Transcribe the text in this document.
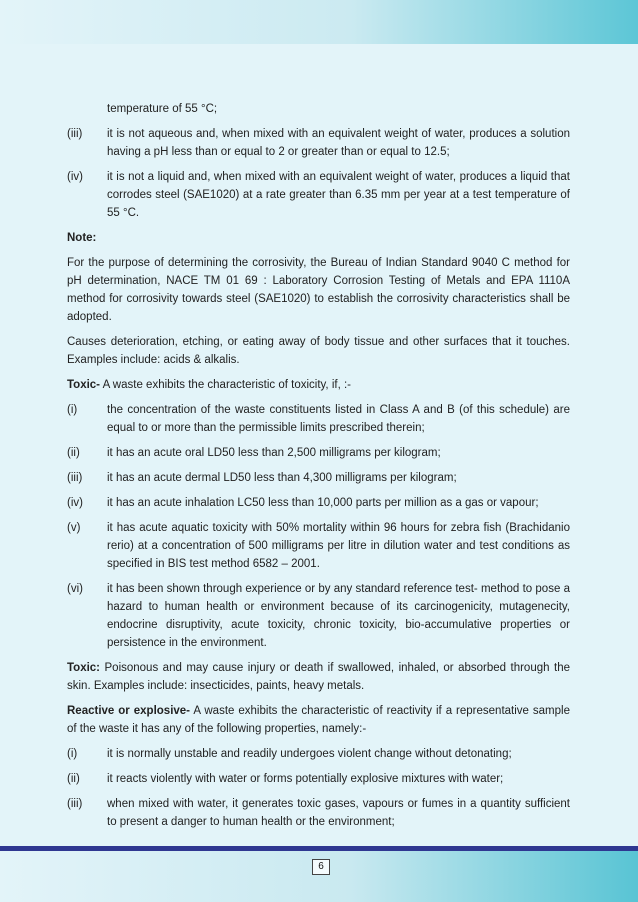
temperature of 55 °C;
(iii)	it is not aqueous and, when mixed with an equivalent weight of water, produces a solution having a pH less than or equal to 2 or greater than or equal to 12.5;
(iv)	it is not a liquid and, when mixed with an equivalent weight of water, produces a liquid that corrodes steel (SAE1020) at a rate greater than 6.35 mm per year at a test temperature of 55 °C.

Note:

For the purpose of determining the corrosivity, the Bureau of Indian Standard 9040 C method for pH determination, NACE TM 01 69 : Laboratory Corrosion Testing of Metals and EPA 1110A method for corrosivity towards steel (SAE1020) to establish the corrosivity characteristics shall be adopted.

Causes deterioration, etching, or eating away of body tissue and other surfaces that it touches. Examples include: acids & alkalis.

Toxic- A waste exhibits the characteristic of toxicity, if, :-

(i)	the concentration of the waste constituents listed in Class A and B (of this schedule) are equal to or more than the permissible limits prescribed therein;
(ii)	it has an acute oral LD50 less than 2,500 milligrams per kilogram;
(iii)	it has an acute dermal LD50 less than 4,300 milligrams per kilogram;
(iv)	it has an acute inhalation LC50 less than 10,000 parts per million as a gas or vapour;
(v)	it has acute aquatic toxicity with 50% mortality within 96 hours for zebra fish (Brachidanio rerio) at a concentration of 500 milligrams per litre in dilution water and test conditions as specified in BIS test method 6582 – 2001.
(vi)	it has been shown through experience or by any standard reference test- method to pose a hazard to human health or environment because of its carcinogenicity, mutagenecity, endocrine disruptivity, acute toxicity, chronic toxicity, bio-accumulative properties or persistence in the environment.

Toxic: Poisonous and may cause injury or death if swallowed, inhaled, or absorbed through the skin. Examples include: insecticides, paints, heavy metals.

Reactive or explosive- A waste exhibits the characteristic of reactivity if a representative sample of the waste it has any of the following properties, namely:-

(i)	it is normally unstable and readily undergoes violent change without detonating;
(ii)	it reacts violently with water or forms potentially explosive mixtures with water;
(iii)	when mixed with water, it generates toxic gases, vapours or fumes in a quantity sufficient to present a danger to human health or the environment;
6
